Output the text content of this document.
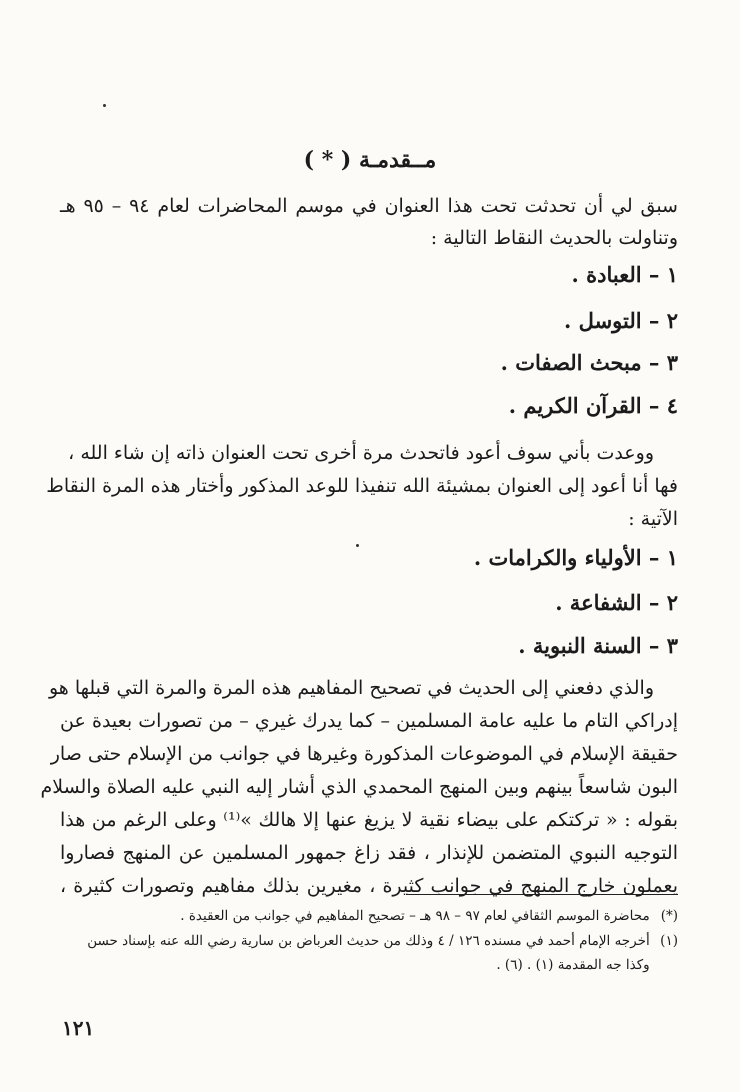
مــقدمـة ( * )
سبق لي أن تحدثت تحت هذا العنوان في موسم المحاضرات لعام ٩٤ – ٩٥ هـ
وتناولت بالحديث النقاط التالية :
١ – العبادة .
٢ – التوسل .
٣ – مبحث الصفات .
٤ – القرآن الكريم .
ووعدت بأني سوف أعود فاتحدث مرة أخرى تحت العنوان ذاته إن شاء الله ،
فها أنا أعود إلى العنوان بمشيئة الله تنفيذا للوعد المذكور وأختار هذه المرة النقاط
الآتية :
١ – الأولياء والكرامات .
٢ – الشفاعة .
٣ – السنة النبوية .
والذي دفعني إلى الحديث في تصحيح المفاهيم هذه المرة والمرة التي قبلها هو
إدراكي التام ما عليه عامة المسلمين – كما يدرك غيري – من تصورات بعيدة عن
حقيقة الإسلام في الموضوعات المذكورة وغيرها في جوانب من الإسلام حتى صار
البون شاسعاً بينهم وبين المنهج المحمدي الذي أشار إليه النبي عليه الصلاة والسلام
بقوله : « تركتكم على بيضاء نقية لا يزيغ عنها إلا هالك »⁽¹⁾ وعلى الرغم من هذا
التوجيه النبوي المتضمن للإنذار ، فقد زاغ جمهور المسلمين عن المنهج فصاروا
يعملون خارج المنهج في جوانب كثيرة ، مغيرين بذلك مفاهيم وتصورات كثيرة ،
(*) محاضرة الموسم الثقافي لعام ٩٧ – ٩٨ هـ – تصحيح المفاهيم في جوانب من العقيدة .
(١) أخرجه الإمام أحمد في مسنده ١٢٦ / ٤ وذلك من حديث العرباض بن سارية رضي الله عنه بإسناد حسن
وكذا جه المقدمة (١) . (٦) .
١٢١
